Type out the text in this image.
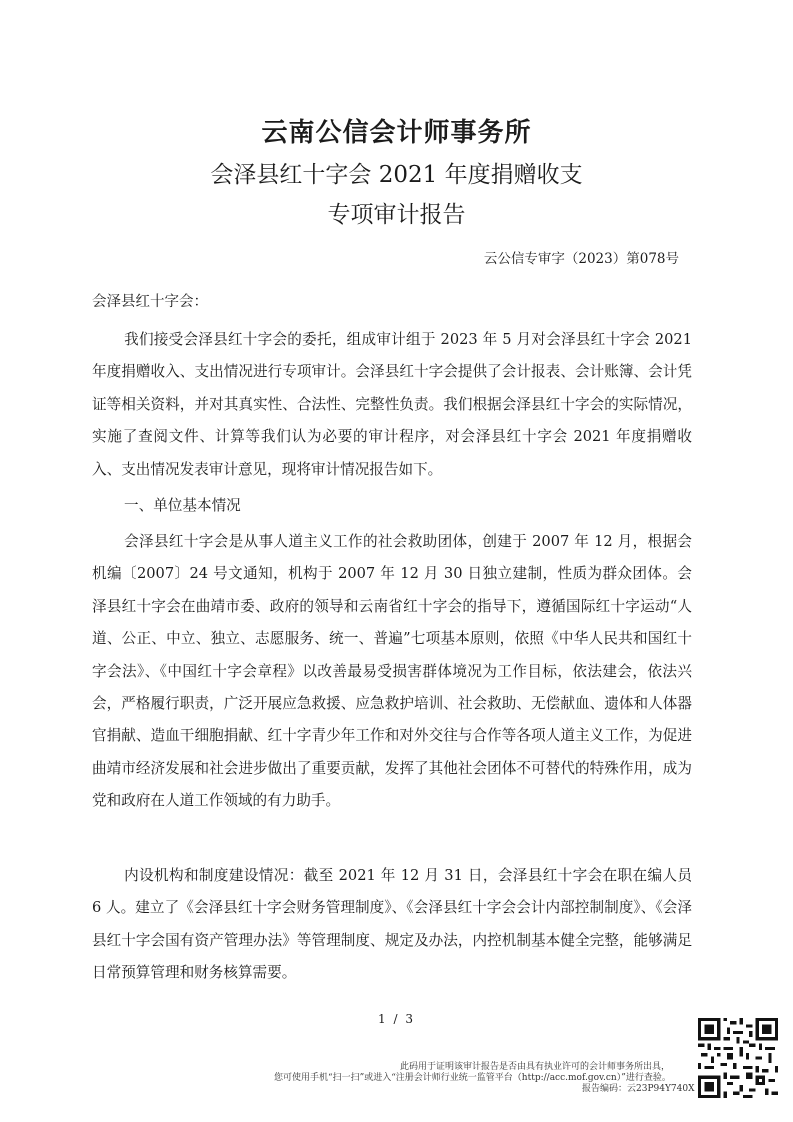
云南公信会计师事务所
会泽县红十字会 2021 年度捐赠收支
专项审计报告
云公信专审字（2023）第078号
会泽县红十字会：

我们接受会泽县红十字会的委托，组成审计组于 2023 年 5 月对会泽县红十字会 2021 年度捐赠收入、支出情况进行专项审计。会泽县红十字会提供了会计报表、会计账簿、会计凭证等相关资料，并对其真实性、合法性、完整性负责。我们根据会泽县红十字会的实际情况，实施了查阅文件、计算等我们认为必要的审计程序，对会泽县红十字会 2021 年度捐赠收入、支出情况发表审计意见，现将审计情况报告如下。

一、单位基本情况

会泽县红十字会是从事人道主义工作的社会救助团体，创建于 2007 年 12 月，根据会机编〔2007〕24 号文通知，机构于 2007 年 12 月 30 日独立建制，性质为群众团体。会泽县红十字会在曲靖市委、政府的领导和云南省红十字会的指导下，遵循国际红十字运动“人道、公正、中立、独立、志愿服务、统一、普遍”七项基本原则，依照《中华人民共和国红十字会法》、《中国红十字会章程》以改善最易受损害群体境况为工作目标，依法建会，依法兴会，严格履行职责，广泛开展应急救援、应急救护培训、社会救助、无偿献血、遗体和人体器官捐献、造血干细胞捐献、红十字青少年工作和对外交往与合作等各项人道主义工作，为促进曲靖市经济发展和社会进步做出了重要贡献，发挥了其他社会团体不可替代的特殊作用，成为党和政府在人道工作领域的有力助手。

内设机构和制度建设情况：截至 2021 年 12 月 31 日，会泽县红十字会在职在编人员 6 人。建立了《会泽县红十字会财务管理制度》、《会泽县红十字会会计内部控制制度》、《会泽县红十字会国有资产管理办法》等管理制度、规定及办法，内控机制基本健全完整，能够满足日常预算管理和财务核算需要。

1 / 3
此码用于证明该审计报告是否由具有执业许可的会计师事务所出具，
您可使用手机“扫一扫”或进入“注册会计师行业统一监管平台（http://acc.mof.gov.cn）”进行查验。
报告编码：云23P94Y740X
